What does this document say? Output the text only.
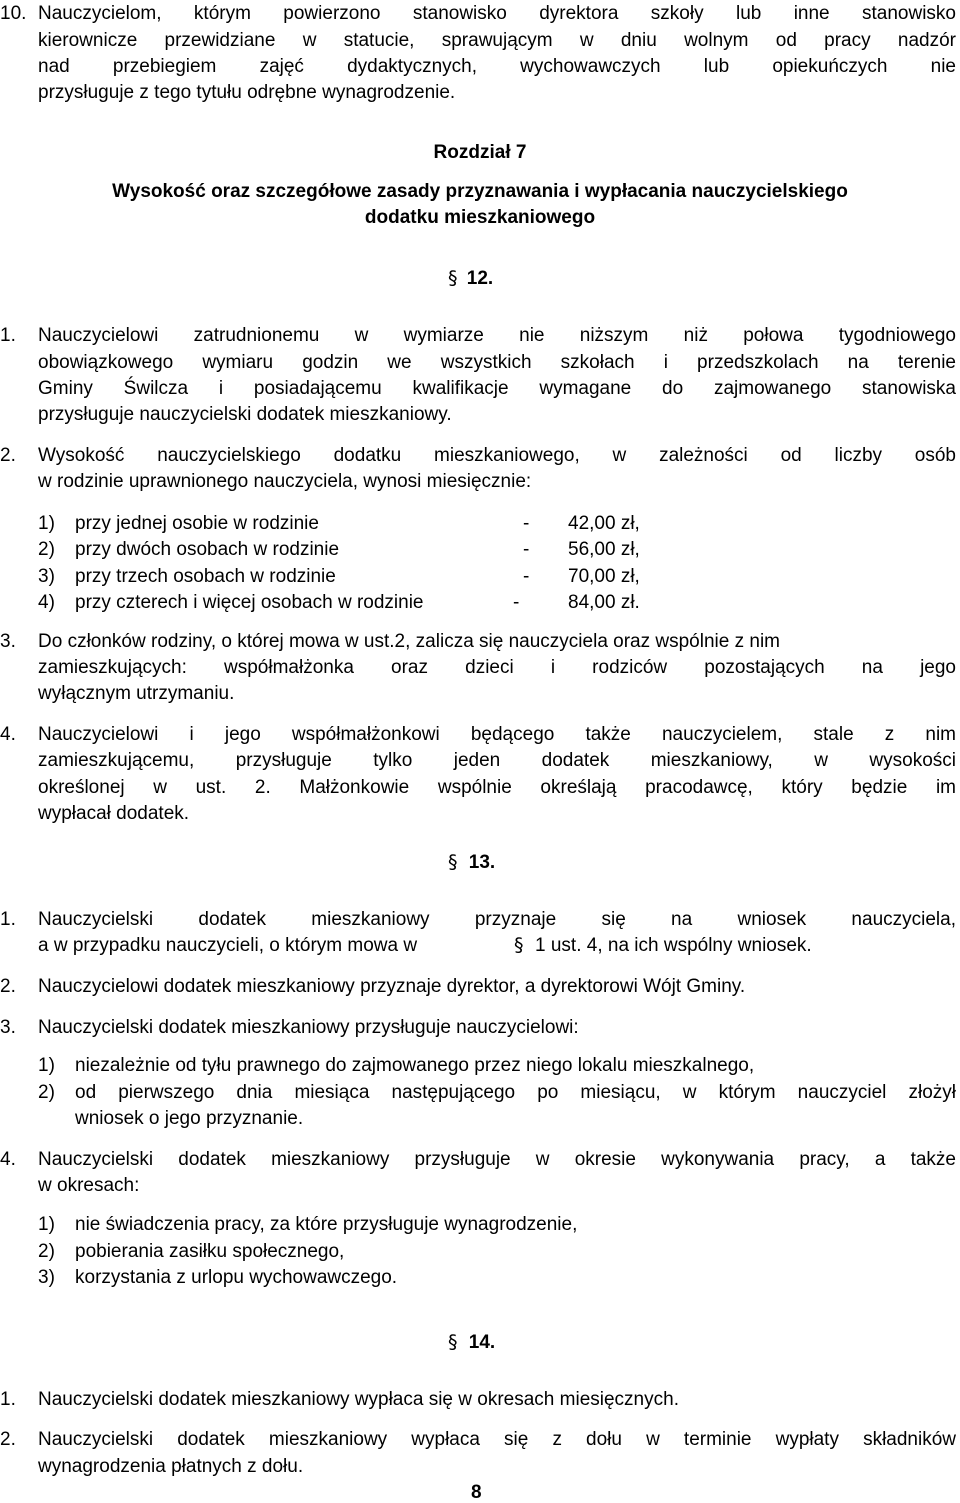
10. Nauczycielom, którym powierzono stanowisko dyrektora szkoły lub inne stanowisko
kierownicze przewidziane w statucie, sprawującym w dniu wolnym od pracy nadzór
nad przebiegiem zajęć dydaktycznych, wychowawczych lub opiekuńczych nie
przysługuje z tego tytułu odrębne wynagrodzenie.
Rozdział 7
Wysokość oraz szczegółowe zasady przyznawania i wypłacania nauczycielskiego
dodatku mieszkaniowego
§ 12.
1. Nauczycielowi zatrudnionemu w wymiarze nie niższym niż połowa tygodniowego
obowiązkowego wymiaru godzin we wszystkich szkołach i przedszkolach na terenie
Gminy Świlcza i posiadającemu kwalifikacje wymagane do zajmowanego stanowiska
przysługuje nauczycielski dodatek mieszkaniowy.
2. Wysokość nauczycielskiego dodatku mieszkaniowego, w zależności od liczby osób
w rodzinie uprawnionego nauczyciela, wynosi miesięcznie:
1) przy jednej osobie w rodzinie	- 42,00 zł,
2) przy dwóch osobach w rodzinie	- 56,00 zł,
3) przy trzech osobach w rodzinie	- 70,00 zł,
4) przy czterech i więcej osobach w rodzinie	-	84,00 zł.
3. Do członków rodziny, o której mowa w ust.2, zalicza się nauczyciela oraz wspólnie z nim
zamieszkujących: współmałżonka oraz dzieci i rodziców pozostających na jego
wyłącznym utrzymaniu.
4. Nauczycielowi i jego współmałżonkowi będącego także nauczycielem, stale z nim
zamieszkującemu, przysługuje tylko jeden dodatek mieszkaniowy, w wysokości
określonej w ust. 2. Małżonkowie wspólnie określają pracodawcę, który będzie im
wypłacał dodatek.
§ 13.
1. Nauczycielski dodatek mieszkaniowy przyznaje się na wniosek nauczyciela,
a w przypadku nauczycieli, o którym mowa w	§ 1 ust. 4, na ich wspólny wniosek.
2. Nauczycielowi dodatek mieszkaniowy przyznaje dyrektor, a dyrektorowi Wójt Gminy.
3. Nauczycielski dodatek mieszkaniowy przysługuje nauczycielowi:
1) niezależnie od tyłu prawnego do zajmowanego przez niego lokalu mieszkalnego,
2) od pierwszego dnia miesiąca następującego po miesiącu, w którym nauczyciel złożył
wniosek o jego przyznanie.
4. Nauczycielski dodatek mieszkaniowy przysługuje w okresie wykonywania pracy, a także
w okresach:
1) nie świadczenia pracy, za które przysługuje wynagrodzenie,
2) pobierania zasiłku społecznego,
3) korzystania z urlopu wychowawczego.
§ 14.
1. Nauczycielski dodatek mieszkaniowy wypłaca się w okresach miesięcznych.
2. Nauczycielski dodatek mieszkaniowy wypłaca się z dołu w terminie wypłaty składników
wynagrodzenia płatnych z dołu.
8
